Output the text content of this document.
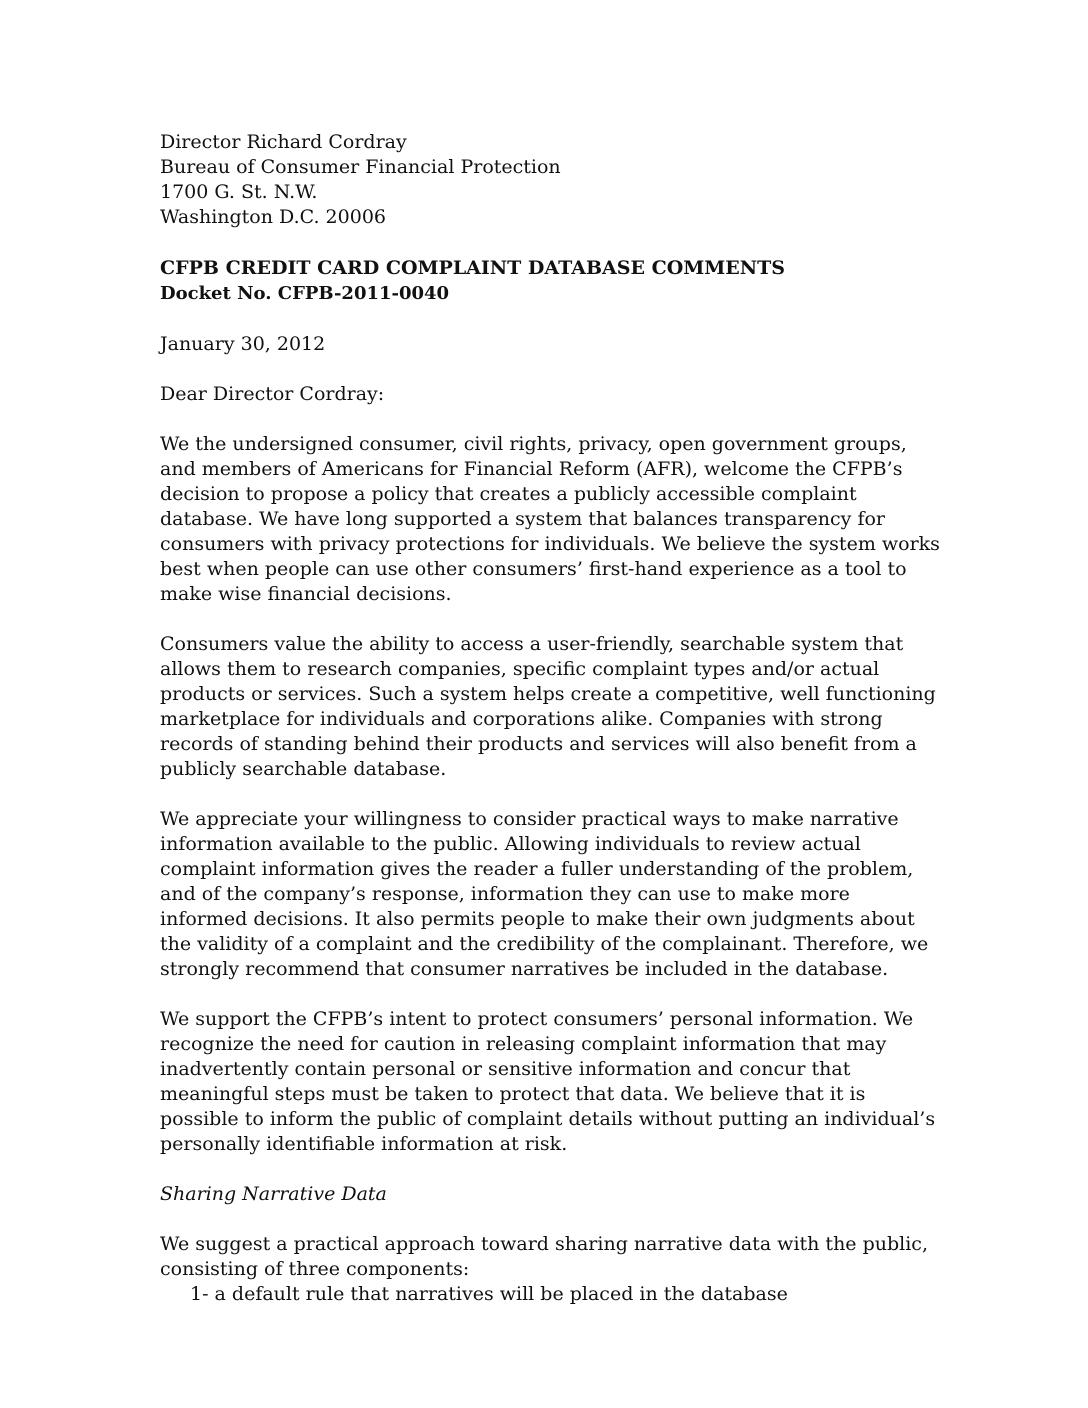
Director Richard Cordray
Bureau of Consumer Financial Protection
1700 G. St. N.W.
Washington D.C. 20006
CFPB CREDIT CARD COMPLAINT DATABASE COMMENTS
Docket No. CFPB-2011-0040
January 30, 2012
Dear Director Cordray:
We the undersigned consumer, civil rights, privacy, open government groups, and members of Americans for Financial Reform (AFR), welcome the CFPB’s decision to propose a policy that creates a publicly accessible complaint database. We have long supported a system that balances transparency for consumers with privacy protections for individuals. We believe the system works best when people can use other consumers’ first-hand experience as a tool to make wise financial decisions.
Consumers value the ability to access a user-friendly, searchable system that allows them to research companies, specific complaint types and/or actual products or services. Such a system helps create a competitive, well functioning marketplace for individuals and corporations alike. Companies with strong records of standing behind their products and services will also benefit from a publicly searchable database.
We appreciate your willingness to consider practical ways to make narrative information available to the public. Allowing individuals to review actual complaint information gives the reader a fuller understanding of the problem, and of the company’s response, information they can use to make more informed decisions. It also permits people to make their own judgments about the validity of a complaint and the credibility of the complainant. Therefore, we strongly recommend that consumer narratives be included in the database.
We support the CFPB’s intent to protect consumers’ personal information. We recognize the need for caution in releasing complaint information that may inadvertently contain personal or sensitive information and concur that meaningful steps must be taken to protect that data. We believe that it is possible to inform the public of complaint details without putting an individual’s personally identifiable information at risk.
Sharing Narrative Data
We suggest a practical approach toward sharing narrative data with the public, consisting of three components:
1- a default rule that narratives will be placed in the database
